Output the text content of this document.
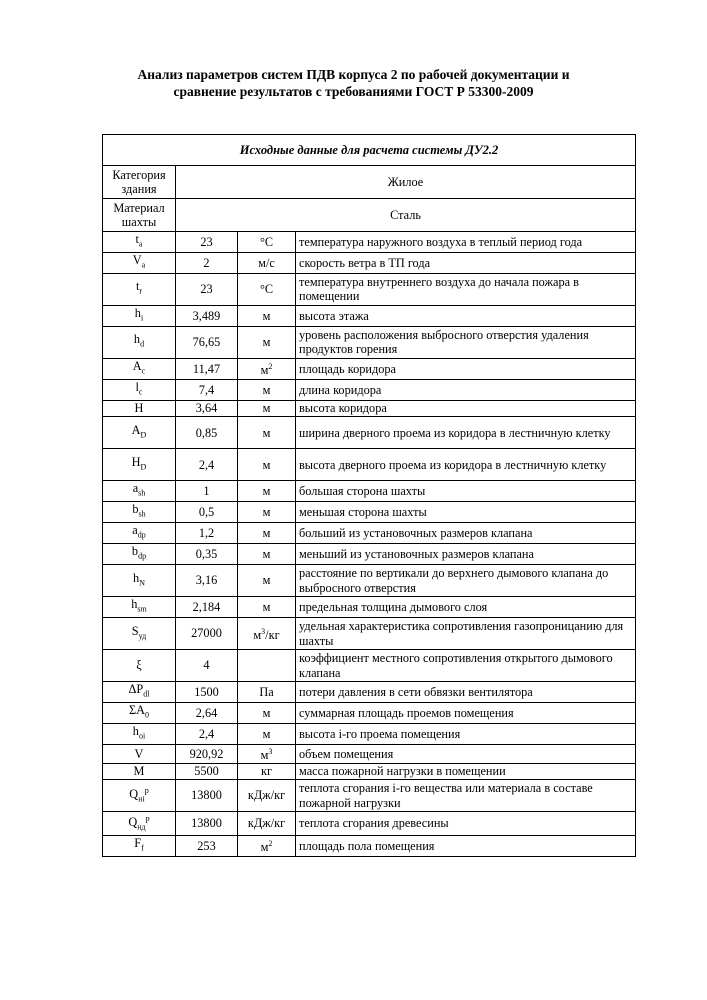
Анализ параметров систем ПДВ корпуса 2 по рабочей документации и
сравнение результатов с требованиями ГОСТ Р 53300-2009
Исходные данные для расчета системы ДУ2.2			
Категория здания	Жилое		
Материал шахты	Сталь		
$t_a$	23	°C	температура наружного воздуха в теплый период года
$V_a$	2	м/с	скорость ветра в ТП года
$t_r$	23	°C	температура внутреннего воздуха до начала пожара в помещении
$h_i$	3,489	м	высота этажа
$h_d$	76,65	м	уровень расположения выбросного отверстия удаления продуктов горения
$A_c$	11,47	$м^2$	площадь коридора
$l_c$	7,4	м	длина коридора
H	3,64	м	высота коридора
$A_D$	0,85	м	ширина дверного проема из коридора в лестничную клетку
$H_D$	2,4	м	высота дверного проема из коридора в лестничную клетку
$a_{sh}$	1	м	большая сторона шахты
$b_{sh}$	0,5	м	меньшая сторона шахты
$a_{dp}$	1,2	м	больший из установочных размеров клапана
$b_{dp}$	0,35	м	меньший из установочных размеров клапана
$h_N$	3,16	м	расстояние по вертикали до верхнего дымового клапана до выбросного отверстия
$h_{sm}$	2,184	м	предельная толщина дымового слоя
$S_{уд}$	27000	$м^3/кг$	удельная характеристика сопротивления газопроницанию для шахты
ξ	4		коэффициент местного сопротивления открытого дымового клапана
$\Delta P_{dl}$	1500	Па	потери давления в сети обвязки вентилятора
$\Sigma A_0$	2,64	м	суммарная площадь проемов помещения
$h_{oi}$	2,4	м	высота i-го проема помещения
V	920,92	$м^3$	объем помещения
M	5500	кг	масса пожарной нагрузки в помещении
$Q_{нi}^р$	13800	кДж/кг	теплота сгорания i-го вещества или материала в составе пожарной нагрузки
$Q_{нд}^р$	13800	кДж/кг	теплота сгорания древесины
$F_f$	253	$м^2$	площадь пола помещения
